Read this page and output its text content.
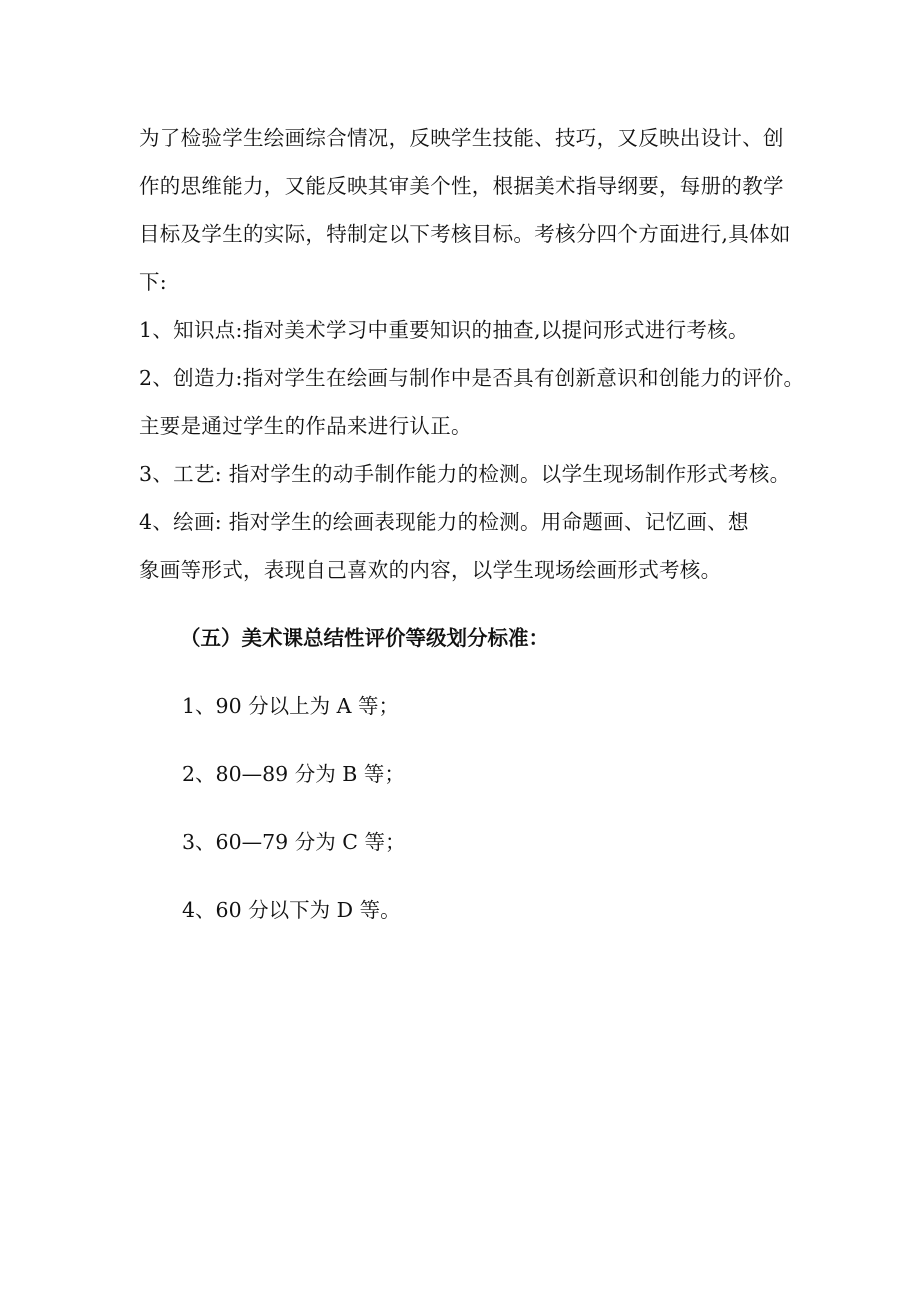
为了检验学生绘画综合情况，反映学生技能、技巧，又反映出设计、创
作的思维能力，又能反映其审美个性，根据美术指导纲要，每册的教学
目标及学生的实际，特制定以下考核目标。考核分四个方面进行,具体如
下:
1、知识点:指对美术学习中重要知识的抽查,以提问形式进行考核。
2、创造力:指对学生在绘画与制作中是否具有创新意识和创能力的评价。
主要是通过学生的作品来进行认正。
3、工艺: 指对学生的动手制作能力的检测。以学生现场制作形式考核。
4、绘画: 指对学生的绘画表现能力的检测。用命题画、记忆画、想
象画等形式，表现自己喜欢的内容，以学生现场绘画形式考核。
（五）美术课总结性评价等级划分标准：
1、90 分以上为 A 等；
2、80—89 分为 B 等；
3、60—79 分为 C 等；
4、60 分以下为 D 等。
